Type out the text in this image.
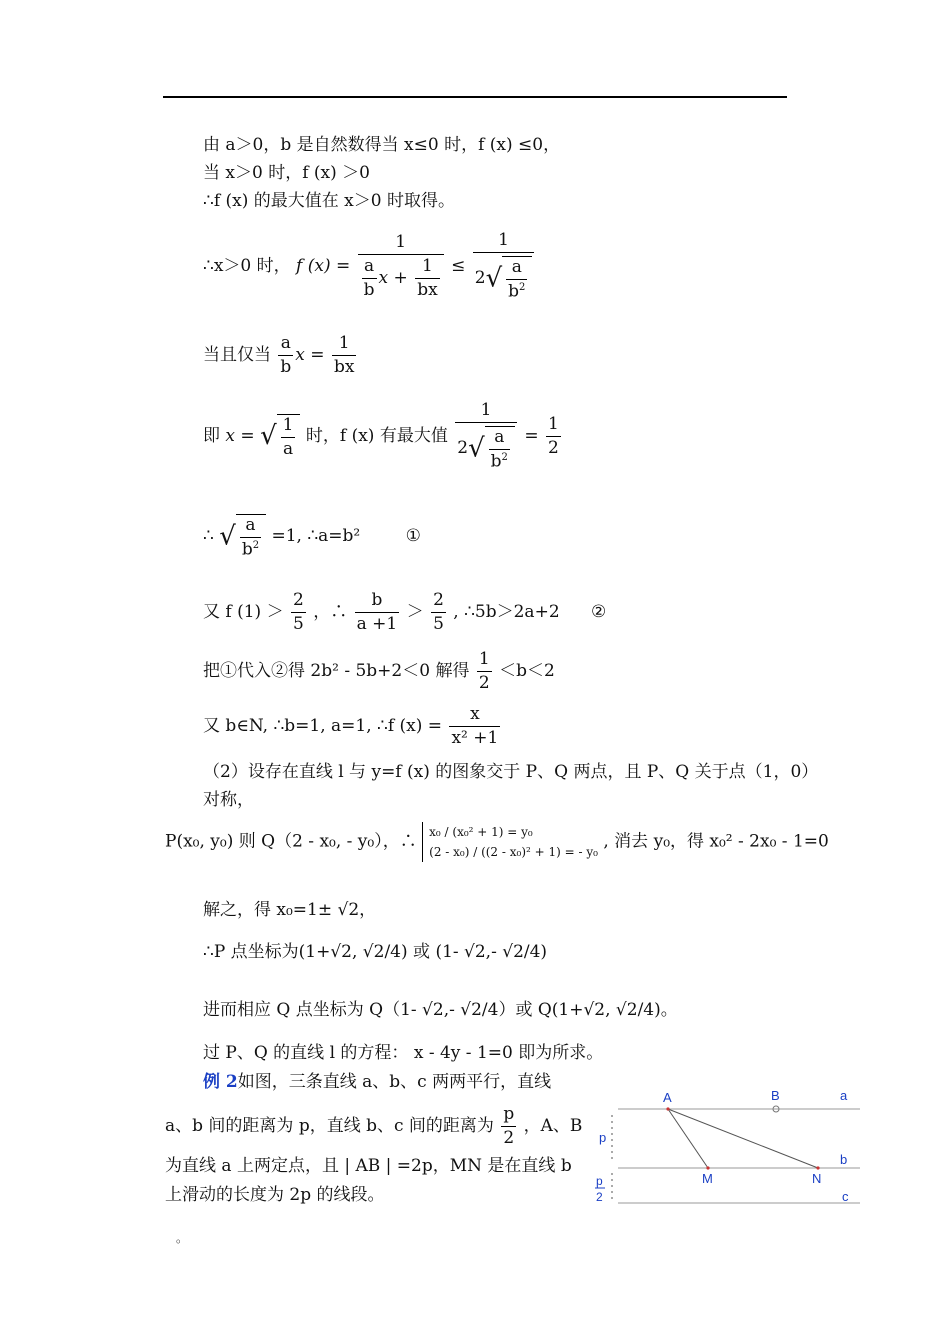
由 a＞0，b 是自然数得当 x≤0 时，f (x) ≤0，
当 x＞0 时，f (x) ＞0
∴f (x) 的最大值在 x＞0 时取得。
∴x＞0 时， f $(x) = \frac{1}{\frac{a}{b} x + \frac{1}{bx}} \le \frac{1}{2√ \frac{a}{b^2}}$
当且仅当 $\frac{a}{b}$ $x = \frac{1}{bx}$
即 x = √ $\frac{1}{a}$ 时，f (x) 有最大值 $\frac{1}{2√ \frac{a}{b^2}} = \frac{1}{2}$
∴ √ $\frac{a}{b^2} =1$, ∴a=b²	①
又 f $(1) > \frac{2}{5}$ ，∴ $\frac{b}{a +1} > \frac{2}{5}$ , ∴5b＞2a+2 ②
把①代入②得 2b² - 5b+2＜0 解得 $\frac{1}{2} <b<2$
又 b∈N, ∴b=1, a=1, ∴f $(x) = \frac{x}{\text{x² +1}}$
（2）设存在直线 l 与 y=f (x) 的图象交于 P、Q 两点，且 P、Q 关于点（1，0）
对称，
P(x₀, y₀) 则 Q（2 - x₀, - y₀），∴ x₀ / (x₀² + 1) = y₀
(2 - x₀) / ((2 - x₀)² + 1) = - y₀
, 消去 y₀，得 x₀² - 2x₀ - 1=0
解之，得 x₀=1± √2，
∴P 点坐标为(1+√2, √2/4) 或 (1- √2,- √2/4)
进而相应 Q 点坐标为 Q（1- √2,- √2/4）或 Q(1+√2, √2/4)。
过 P、Q 的直线 l 的方程： x - 4y - 1=0 即为所求。
例 2如图，三条直线 a、b、c 两两平行，直线
a、b 间的距离为 p，直线 b、c 间的距离为 $\frac{p}{2}$ ，A、B
为直线 a 上两定点，且 | AB | =2p，MN 是在直线 b
上滑动的长度为 2p 的线段。
。
A	B	a
b
c
M	N
p
p
2
